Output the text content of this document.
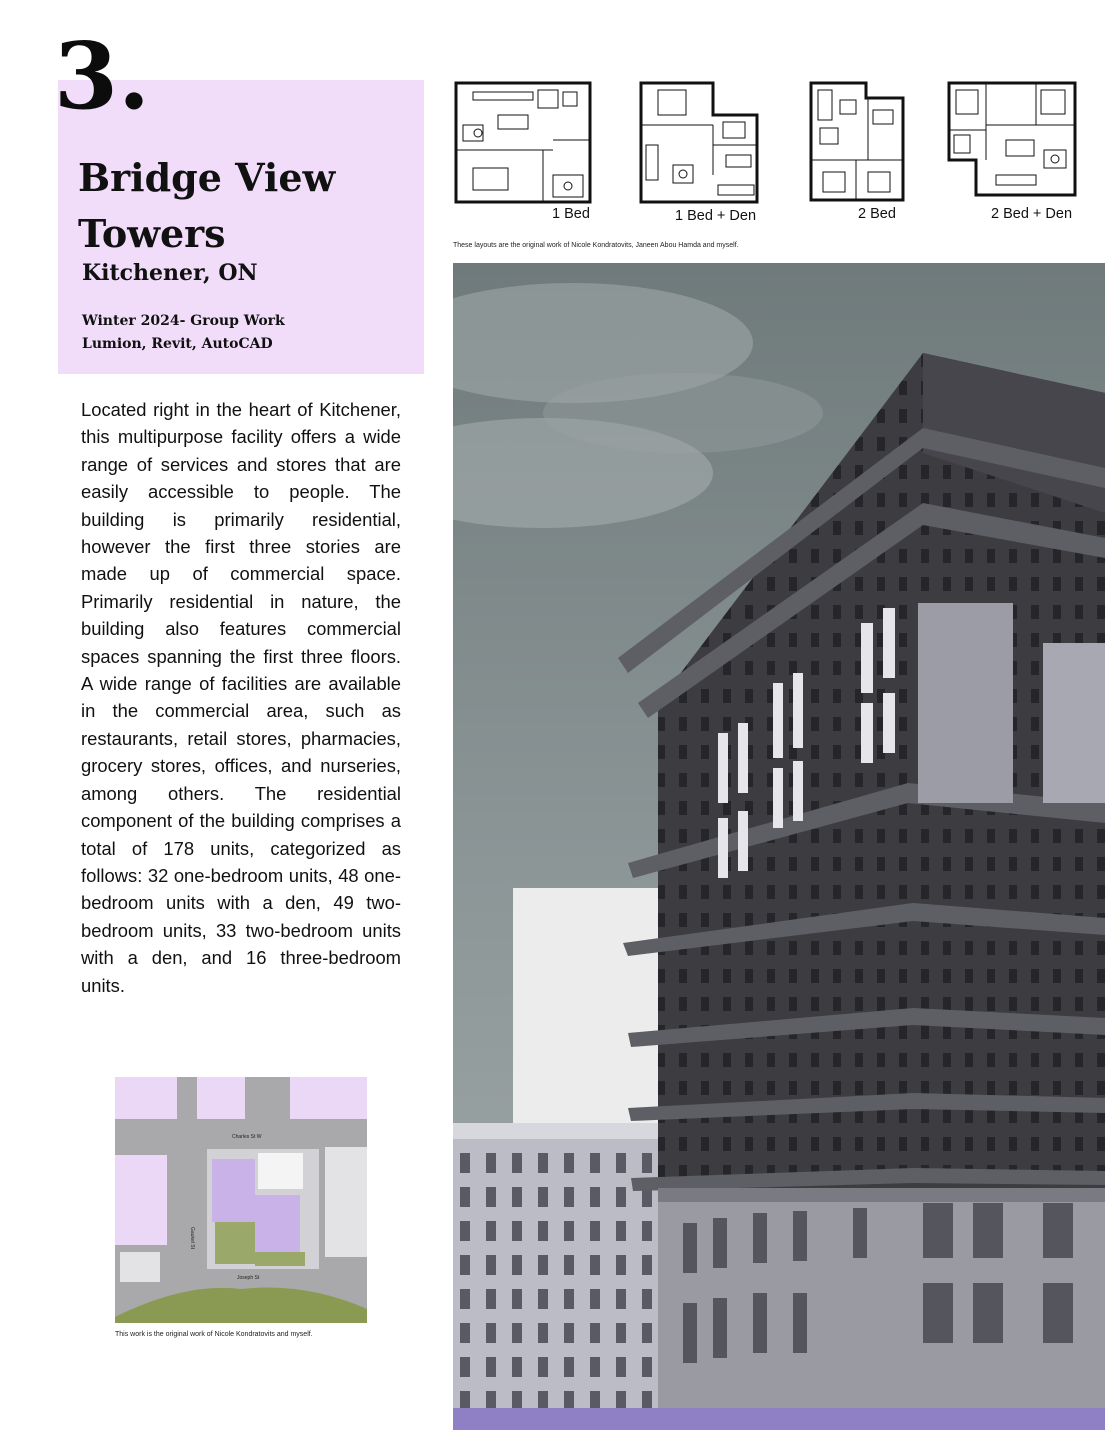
3.
Bridge View
Towers
Kitchener, ON
Winter 2024- Group Work
Lumion, Revit, AutoCAD

Located right in the heart of Kitchener, this multipurpose facility offers a wide range of services and stores that are easily accessible to people. The building is primarily residential, however the first three stories are made up of commercial space. Primarily residential in nature, the building also features commercial spaces spanning the first three floors. A wide range of facilities are available in the commercial area, such as restaurants, retail stores, pharmacies, grocery stores, offices, and nurseries, among others. The residential component of the building comprises a total of 178 units, categorized as follows: 32 one-bedroom units, 48 one-bedroom units with a den, 49 two-bedroom units, 33 two-bedroom units with a den, and 16 three-bedroom units.

1 Bed	1 Bed + Den	2 Bed	2 Bed + Den
These layouts are the original work of Nicole Kondratovits, Janeen Abou Hamda and myself.
Charles St W
Gaukel St
Joseph St
This work is the original work of Nicole Kondratovits and myself.
